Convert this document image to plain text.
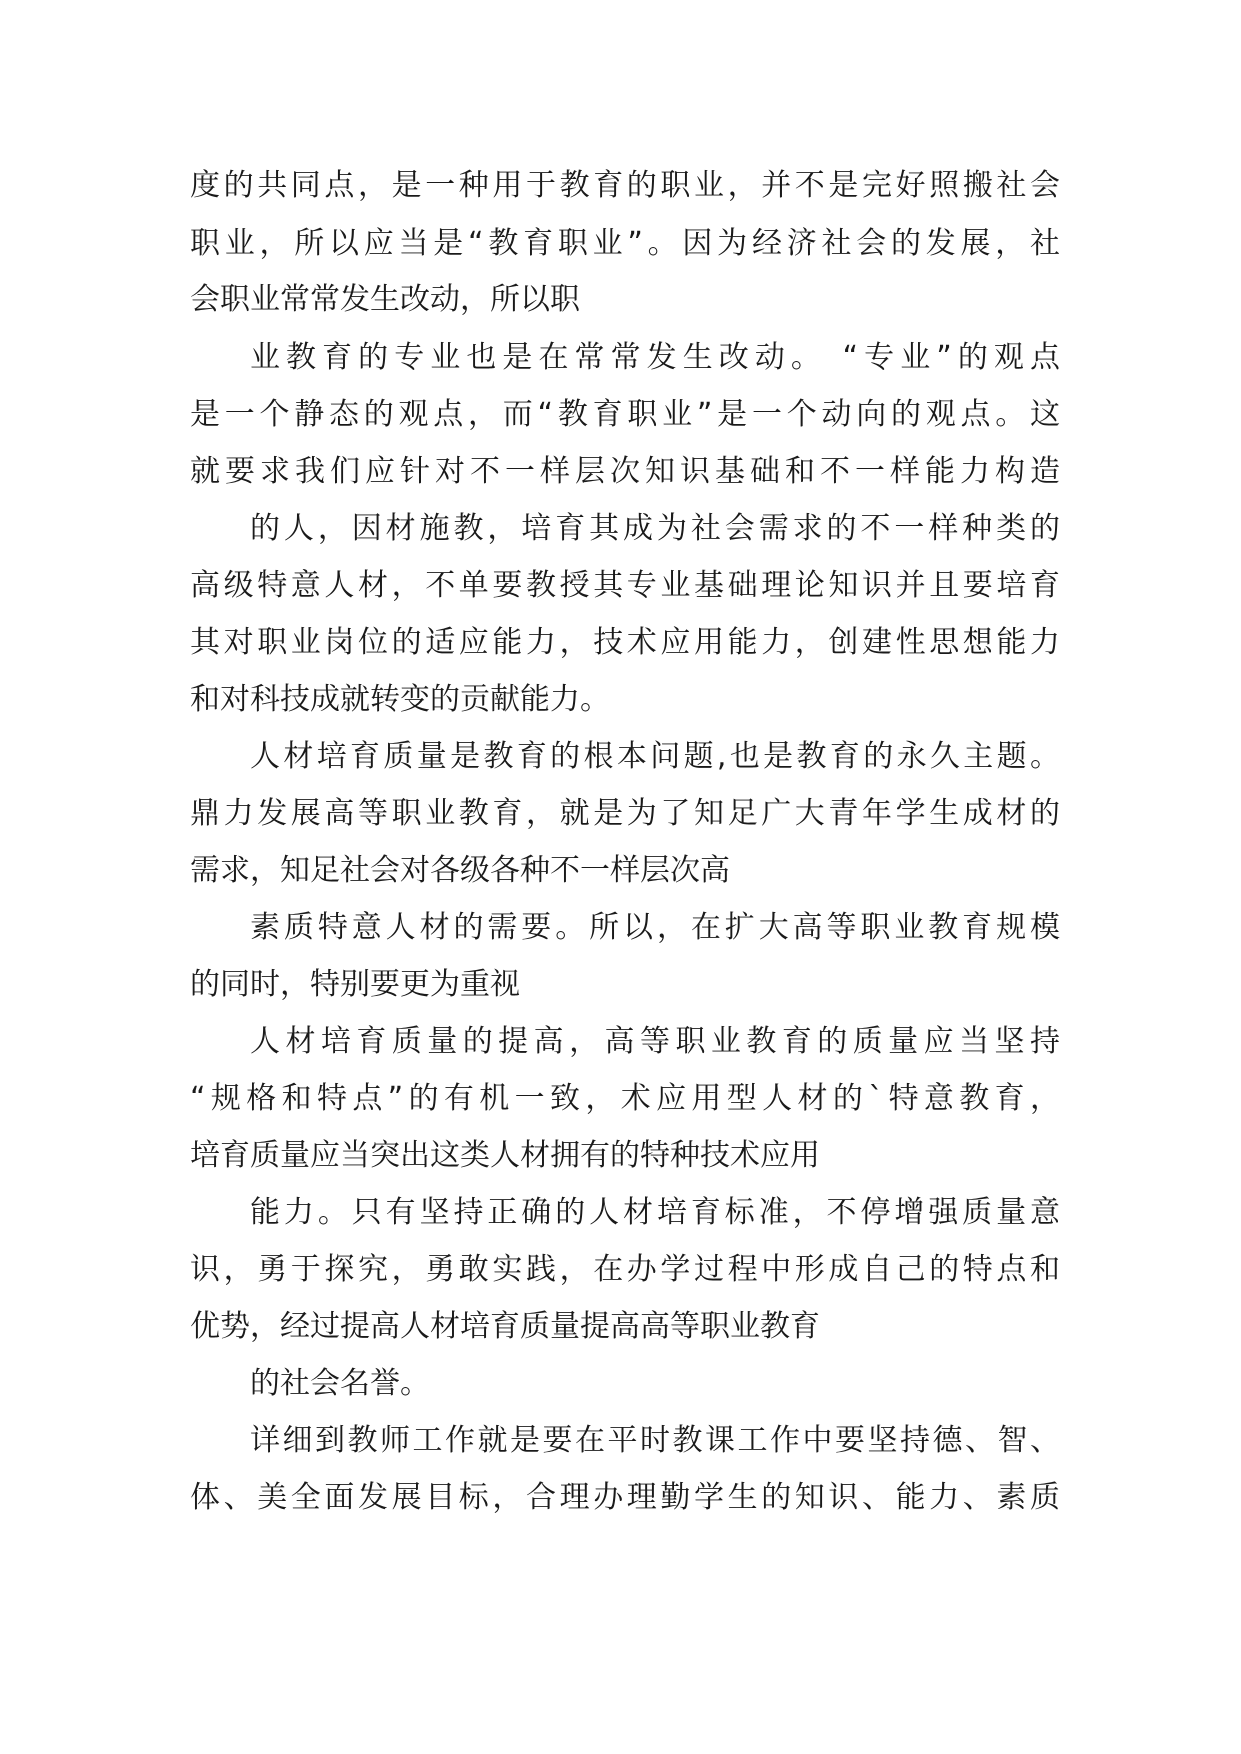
度的共同点，是一种用于教育的职业，并不是完好照搬社会
职业，所以应当是“教育职业”。因为经济社会的发展，社
会职业常常发生改动，所以职
业教育的专业也是在常常发生改动。 “专业”的观点
是一个静态的观点，而“教育职业”是一个动向的观点。这
就要求我们应针对不一样层次知识基础和不一样能力构造
的人，因材施教，培育其成为社会需求的不一样种类的
高级特意人材，不单要教授其专业基础理论知识并且要培育
其对职业岗位的适应能力，技术应用能力，创建性思想能力
和对科技成就转变的贡献能力。
人材培育质量是教育的根本问题,也是教育的永久主题。
鼎力发展高等职业教育，就是为了知足广大青年学生成材的
需求，知足社会对各级各种不一样层次高
素质特意人材的需要。所以，在扩大高等职业教育规模
的同时，特别要更为重视
人材培育质量的提高，高等职业教育的质量应当坚持
“规格和特点”的有机一致，术应用型人材的`特意教育，
培育质量应当突出这类人材拥有的特种技术应用
能力。只有坚持正确的人材培育标准，不停增强质量意
识，勇于探究，勇敢实践，在办学过程中形成自己的特点和
优势，经过提高人材培育质量提高高等职业教育
的社会名誉。
详细到教师工作就是要在平时教课工作中要坚持德、智、
体、美全面发展目标，合理办理勤学生的知识、能力、素质
